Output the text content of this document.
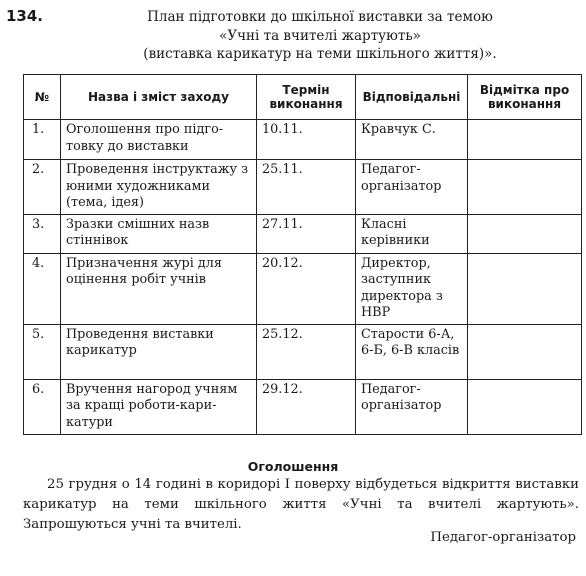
134.	План підготовки до шкільної виставки за темою
«Учні та вчителі жартують»
(виставка карикатур на теми шкільного життя)».
№	Назва і зміст заходу	Термін виконання	Відповідальні	Відмітка про виконання
1.	Оголошення про підго-товку до виставки	10.11.	Кравчук С.	
2.	Проведення інструктажу з юними художниками (тема, ідея)	25.11.	Педагог-організатор	
3.	Зразки смішних назв стіннівок	27.11.	Класні керівники	
4.	Призначення журі для оцінення робіт учнів	20.12.	Директор, заступник директора з НВР	
5.	Проведення виставки карикатур	25.12.	Старости 6-А, 6-Б, 6-В класів	
6.	Вручення нагород учням за кращі роботи-кари-катури	29.12.	Педагог-організатор	
Оголошення

25 грудня о 14 годині в коридорі І поверху відбудеться відкриття виставки карикатур на теми шкільного життя «Учні та вчителі жартують». Запрошуються учні та вчителі.

Педагог-організатор
